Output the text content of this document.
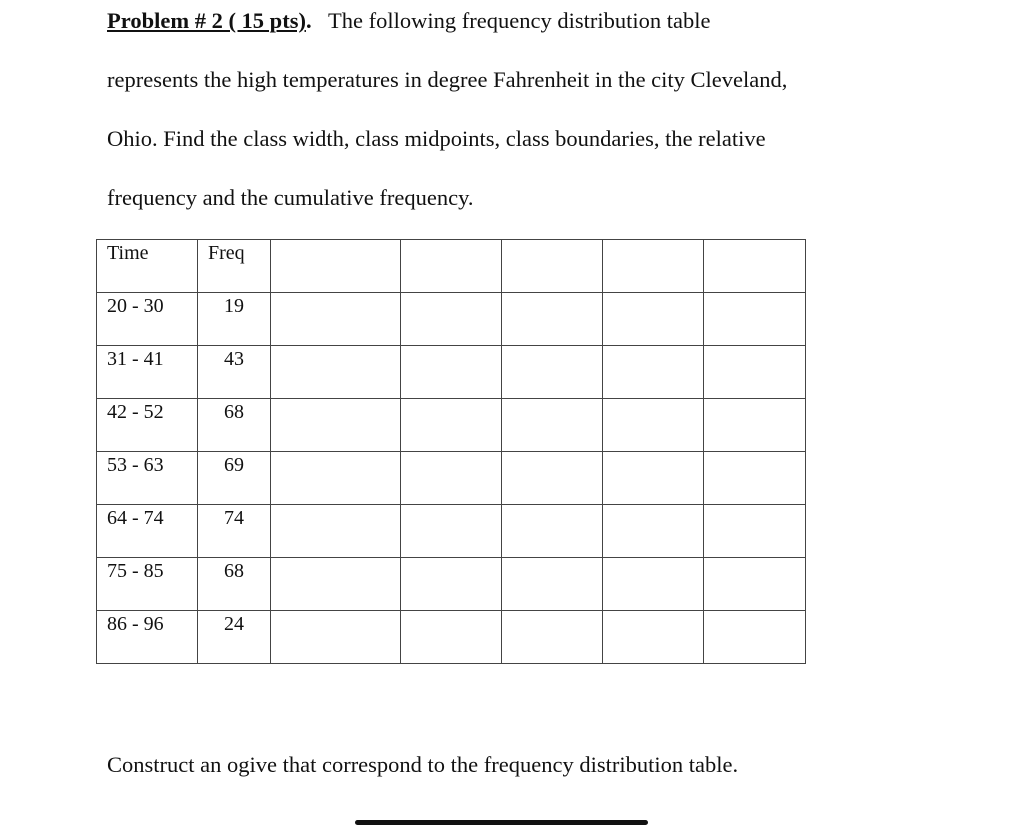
Problem # 2 ( 15 pts). The following frequency distribution table
represents the high temperatures in degree Fahrenheit in the city Cleveland,
Ohio. Find the class width, class midpoints, class boundaries, the relative
frequency and the cumulative frequency.
Time	Freq					
20 - 30	19					
31 - 41	43					
42 - 52	68					
53 - 63	69					
64 - 74	74					
75 - 85	68					
86 - 96	24					

Construct an ogive that correspond to the frequency distribution table.
